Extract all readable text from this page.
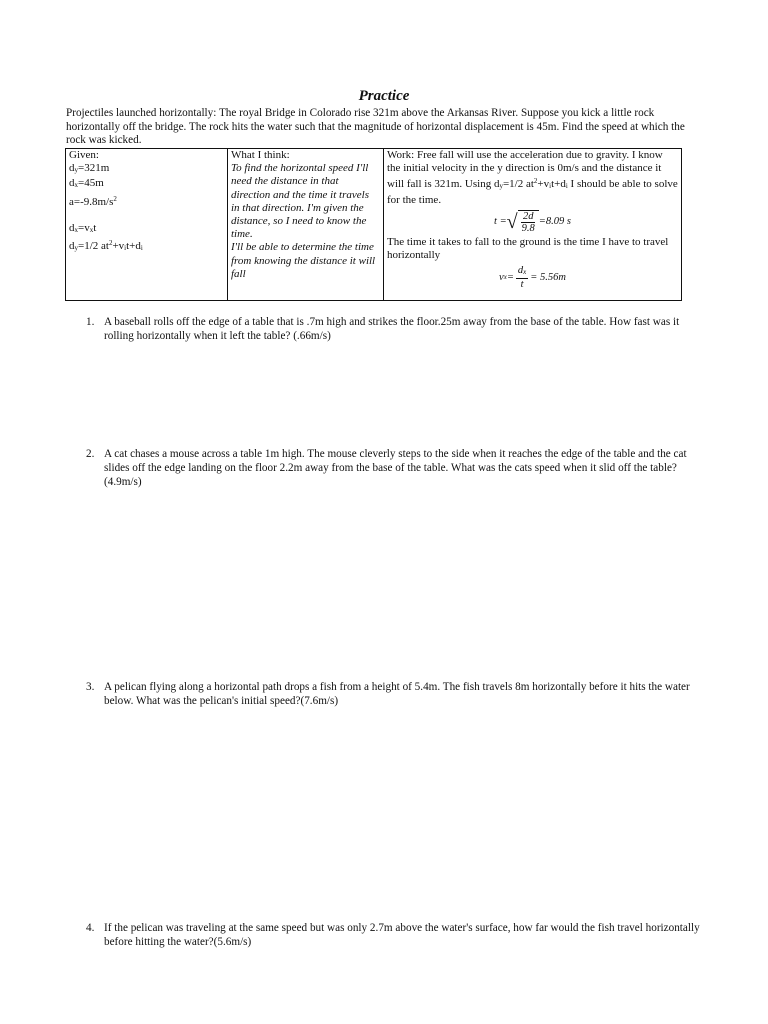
Practice
Projectiles launched horizontally: The royal Bridge in Colorado rise 321m above the Arkansas River. Suppose you kick a little rock horizontally off the bridge. The rock hits the water such that the magnitude of horizontal displacement is 45m. Find the speed at which the rock was kicked.
Given:
dy=321m
dx=45m
$a=-9.8m/s^2$
dx=vxt
dy=1/2 $at^2+vit+di$

What I think:
To find the horizontal speed I'll need the distance in that direction and the time it travels in that direction. I'm given the distance, so I need to know the time.
I'll be able to determine the time from knowing the distance it will fall

Work: Free fall will use the acceleration due to gravity. I know the initial velocity in the y direction is 0m/s and the distance it will fall is 321m. Using dy=1/2 $at^2+vit+di$ I should be able to solve for the time.
t = √ $\frac{2d}{9.8} =8.09$ s
The time it takes to fall to the ground is the time I have to travel horizontally
v $x = \frac{dx}{t} = 5.56m$
1. A baseball rolls off the edge of a table that is .7m high and strikes the floor.25m away from the base of the table. How fast was it rolling horizontally when it left the table? (.66m/s)
2. A cat chases a mouse across a table 1m high. The mouse cleverly steps to the side when it reaches the edge of the table and the cat slides off the edge landing on the floor 2.2m away from the base of the table. What was the cats speed when it slid off the table? (4.9m/s)
3. A pelican flying along a horizontal path drops a fish from a height of 5.4m. The fish travels 8m horizontally before it hits the water below. What was the pelican's initial speed?(7.6m/s)
4. If the pelican was traveling at the same speed but was only 2.7m above the water's surface, how far would the fish travel horizontally before hitting the water?(5.6m/s)
